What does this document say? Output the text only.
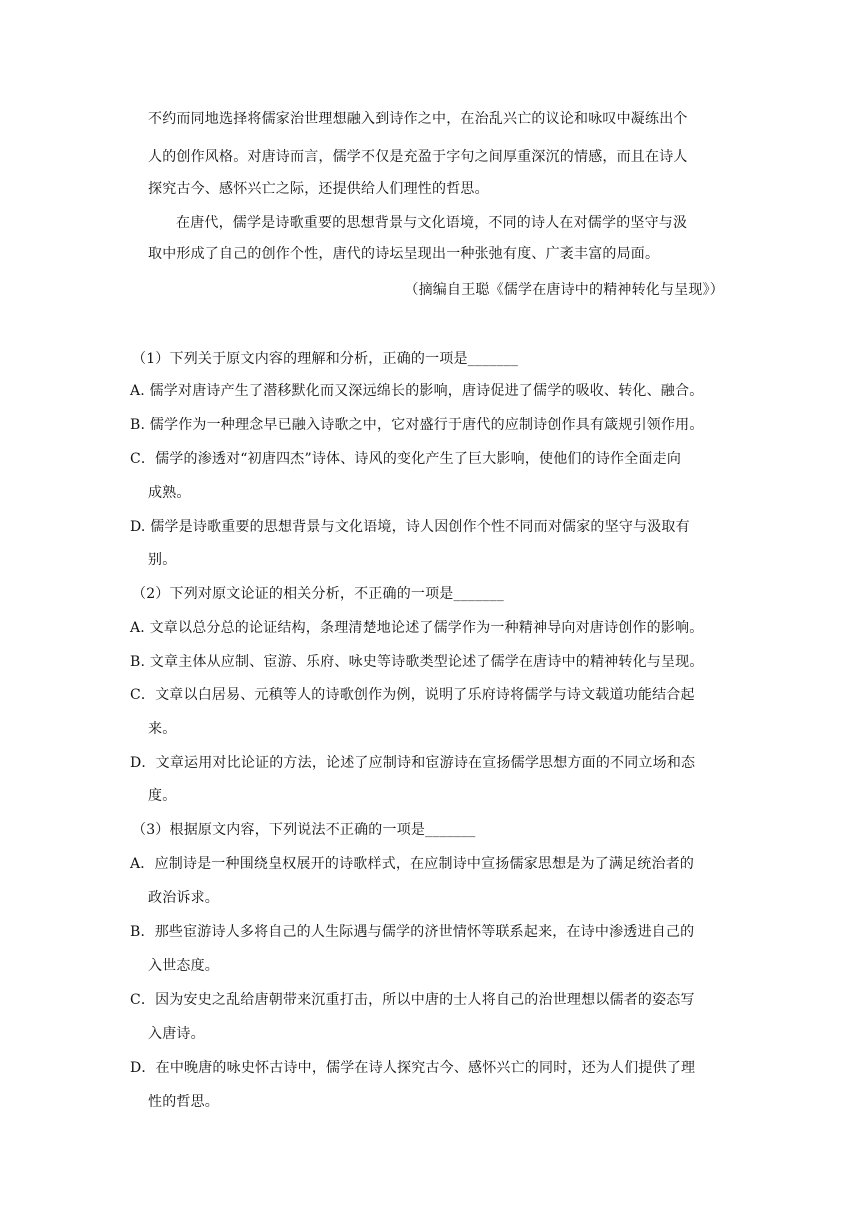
不约而同地选择将儒家治世理想融入到诗作之中，在治乱兴亡的议论和咏叹中凝练出个
人的创作风格。对唐诗而言，儒学不仅是充盈于字句之间厚重深沉的情感，而且在诗人
探究古今、感怀兴亡之际，还提供给人们理性的哲思。
在唐代，儒学是诗歌重要的思想背景与文化语境，不同的诗人在对儒学的坚守与汲
取中形成了自己的创作个性，唐代的诗坛呈现出一种张弛有度、广袤丰富的局面。
（摘编自王聪《儒学在唐诗中的精神转化与呈现》）
（1）下列关于原文内容的理解和分析，正确的一项是_______
A. 儒学对唐诗产生了潜移默化而又深远绵长的影响，唐诗促进了儒学的吸收、转化、融合。
B. 儒学作为一种理念早已融入诗歌之中，它对盛行于唐代的应制诗创作具有箴规引领作用。
C．儒学的渗透对“初唐四杰”诗体、诗风的变化产生了巨大影响，使他们的诗作全面走向
成熟。
D. 儒学是诗歌重要的思想背景与文化语境，诗人因创作个性不同而对儒家的坚守与汲取有
别。
（2）下列对原文论证的相关分析，不正确的一项是_______
A. 文章以总分总的论证结构，条理清楚地论述了儒学作为一种精神导向对唐诗创作的影响。
B. 文章主体从应制、宦游、乐府、咏史等诗歌类型论述了儒学在唐诗中的精神转化与呈现。
C．文章以白居易、元稹等人的诗歌创作为例，说明了乐府诗将儒学与诗文载道功能结合起
来。
D．文章运用对比论证的方法，论述了应制诗和宦游诗在宣扬儒学思想方面的不同立场和态
度。
（3）根据原文内容，下列说法不正确的一项是_______
A．应制诗是一种围绕皇权展开的诗歌样式，在应制诗中宣扬儒家思想是为了满足统治者的
政治诉求。
B．那些宦游诗人多将自己的人生际遇与儒学的济世情怀等联系起来，在诗中渗透进自己的
入世态度。
C．因为安史之乱给唐朝带来沉重打击，所以中唐的士人将自己的治世理想以儒者的姿态写
入唐诗。
D．在中晚唐的咏史怀古诗中，儒学在诗人探究古今、感怀兴亡的同时，还为人们提供了理
性的哲思。
